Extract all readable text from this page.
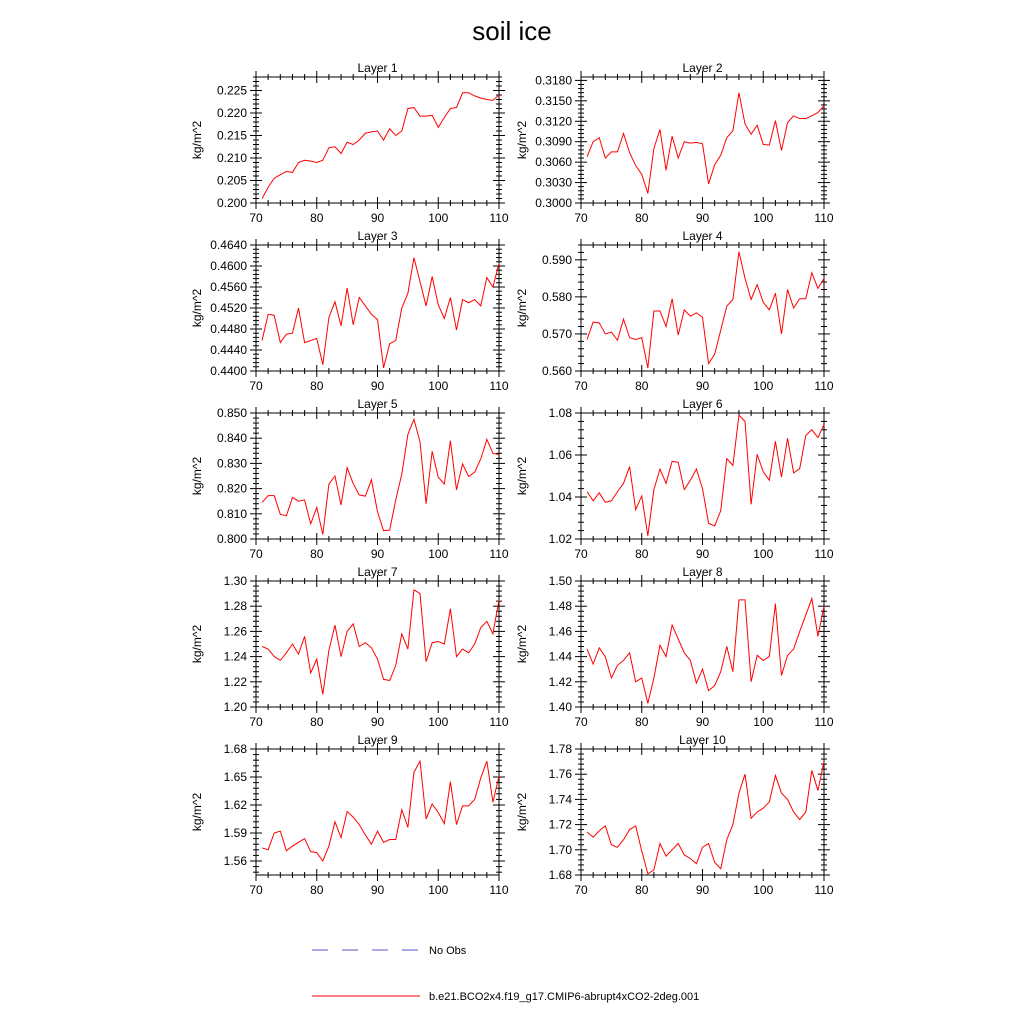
soil ice
Layer 1
70	80	90	100	110
0.200
0.205
0.210
0.215
0.220
0.225
kg/m^2
Layer 2
70	80	90	100	110
0.3000
0.3030
0.3060
0.3090
0.3120
0.3150
0.3180
kg/m^2
Layer 3
70	80	90	100	110
0.4400
0.4440
0.4480
0.4520
0.4560
0.4600
0.4640
kg/m^2
Layer 4
70	80	90	100	110
0.560
0.570
0.580
0.590
kg/m^2
Layer 5
70	80	90	100	110
0.800
0.810
0.820
0.830
0.840
0.850
kg/m^2
Layer 6
70	80	90	100	110
1.02
1.04
1.06
1.08
kg/m^2
Layer 7
70	80	90	100	110
1.20
1.22
1.24
1.26
1.28
1.30
kg/m^2
Layer 8
70	80	90	100	110
1.40
1.42
1.44
1.46
1.48
1.50
kg/m^2
Layer 9
70	80	90	100	110
1.56
1.59
1.62
1.65
1.68
kg/m^2
Layer 10
70	80	90	100	110
1.68
1.70
1.72
1.74
1.76
1.78
kg/m^2
No Obs
b.e21.BCO2x4.f19_g17.CMIP6-abrupt4xCO2-2deg.001
